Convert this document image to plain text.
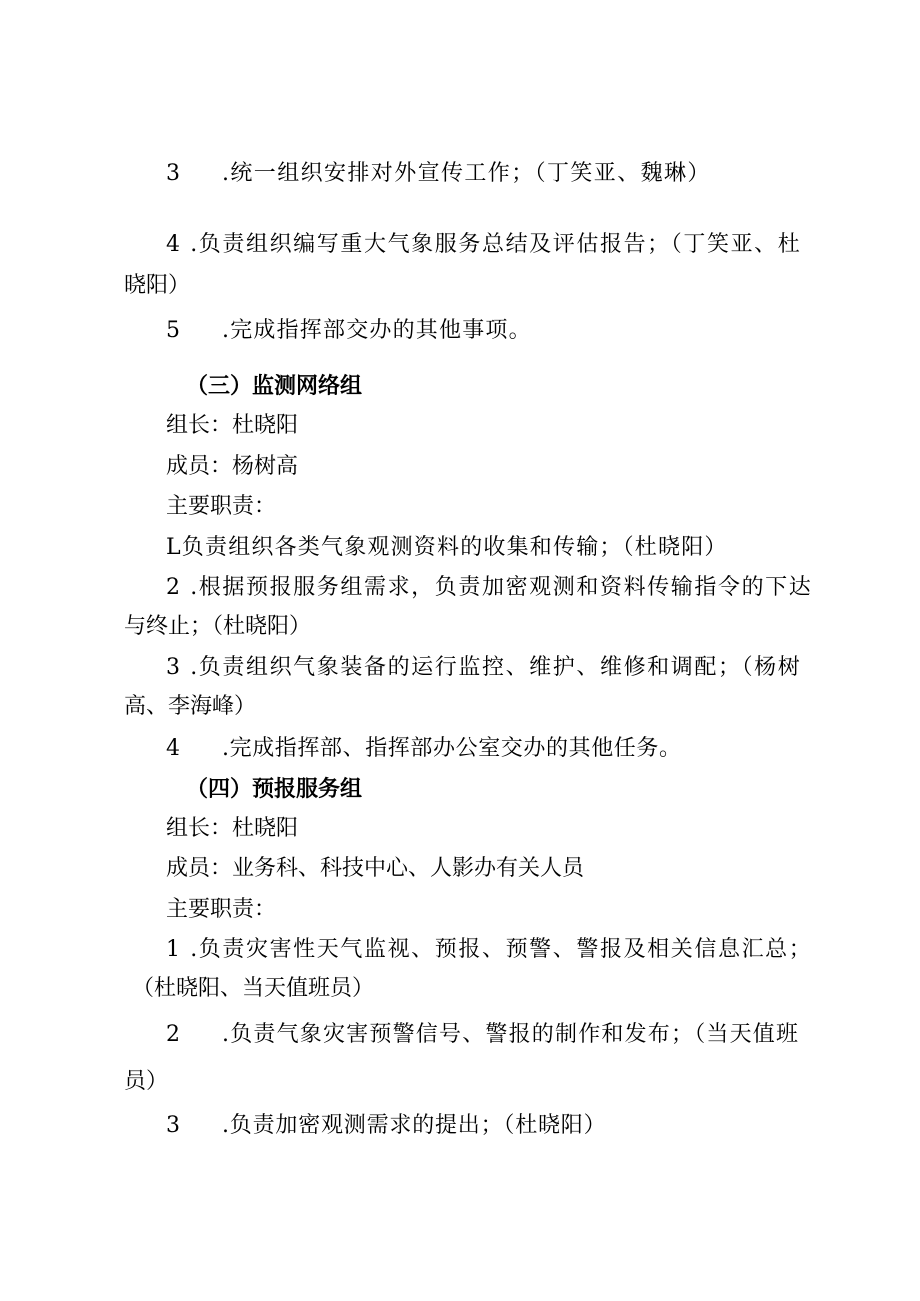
3 .统一组织安排对外宣传工作；（丁笑亚、魏琳）
4 .负责组织编写重大气象服务总结及评估报告；（丁笑亚、杜
晓阳）
5 .完成指挥部交办的其他事项。
（三）监测网络组
组长：杜晓阳
成员：杨树高
主要职责：
L负责组织各类气象观测资料的收集和传输；（杜晓阳）
2 .根据预报服务组需求，负责加密观测和资料传输指令的下达
与终止；（杜晓阳）
3 .负责组织气象装备的运行监控、维护、维修和调配；（杨树
高、李海峰）
4 .完成指挥部、指挥部办公室交办的其他任务。
（四）预报服务组
组长：杜晓阳
成员：业务科、科技中心、人影办有关人员
主要职责：
1 .负责灾害性天气监视、预报、预警、警报及相关信息汇总；
（杜晓阳、当天值班员）
2 .负责气象灾害预警信号、警报的制作和发布；（当天值班
员）
3 .负责加密观测需求的提出；（杜晓阳）
